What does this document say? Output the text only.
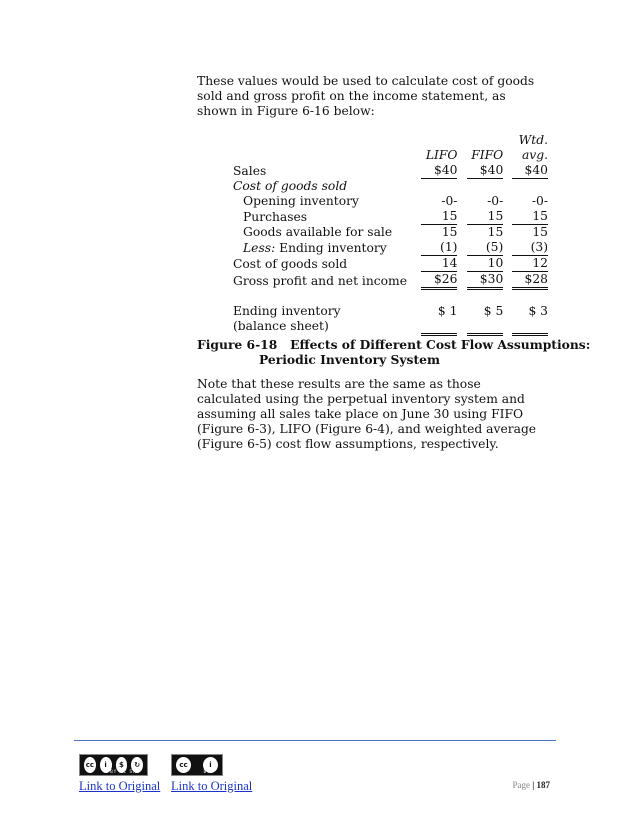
These values would be used to calculate cost of goods sold and gross profit on the income statement, as shown in Figure 6-16 below:

					Wtd.
	LIFO		FIFO		avg.
Sales	$40		$40		$40
Cost of goods sold					
Opening inventory	-0-		-0-		-0-
Purchases	15		15		15
Goods available for sale	15		15		15
Less: Ending inventory	(1)		(5)		(3)
Cost of goods sold	14		10		12
Gross profit and net income	$26		$30		$28

Ending inventory (balance sheet)	$ 1		$ 5		$ 3
Figure 6-18   Effects of Different Cost Flow Assumptions:
Periodic Inventory System

Note that these results are the same as those calculated using the perpetual inventory system and assuming all sales take place on June 30 using FIFO (Figure 6-3), LIFO (Figure 6-4), and weighted average (Figure 6-5) cost flow assumptions, respectively.

cc	i	$	↻
BY NC SA
cc	i
BY
Link to Original Link to Original	Page | 187
